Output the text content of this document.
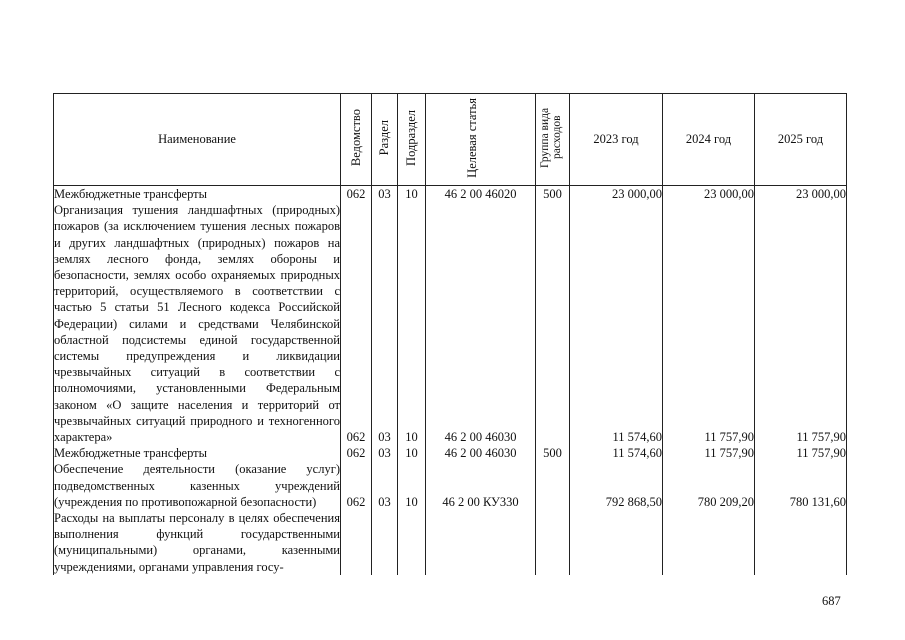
Наименование	Ведомство	Раздел	Подраздел	Целевая статья	Группа вида расходов	2023 год	2024 год	2025 год
Межбюджетные трансферты	062	03	10	46 2 00 46020	500	23 000,00	23 000,00	23 000,00
Организация тушения ландшафтных (природных) пожаров (за исключением тушения лесных пожаров и других ландшафтных (природных) пожаров на землях лесного фонда, землях обороны и безопасности, землях особо охраняемых природных территорий, осуществляемого в соответствии с частью 5 статьи 51 Лесного кодекса Российской Федерации) силами и средствами Челябинской областной подсистемы единой государственной системы предупреждения и ликвидации чрезвычайных ситуаций в соответствии с полномочиями, установленными Федеральным законом «О защите населения и территорий от чрезвычайных ситуаций природного и техногенного характера»	062	03	10	46 2 00 46030		11 574,60	11 757,90	11 757,90
Межбюджетные трансферты	062	03	10	46 2 00 46030	500	11 574,60	11 757,90	11 757,90
Обеспечение деятельности (оказание услуг) подведомственных казенных учреждений (учреждения по противопожарной безопасности)	062	03	10	46 2 00 КУ330		792 868,50	780 209,20	780 131,60
Расходы на выплаты персоналу в целях обеспечения выполнения функций государственными (муниципальными) органами, казенными учреждениями, органами управления госу-								
687
